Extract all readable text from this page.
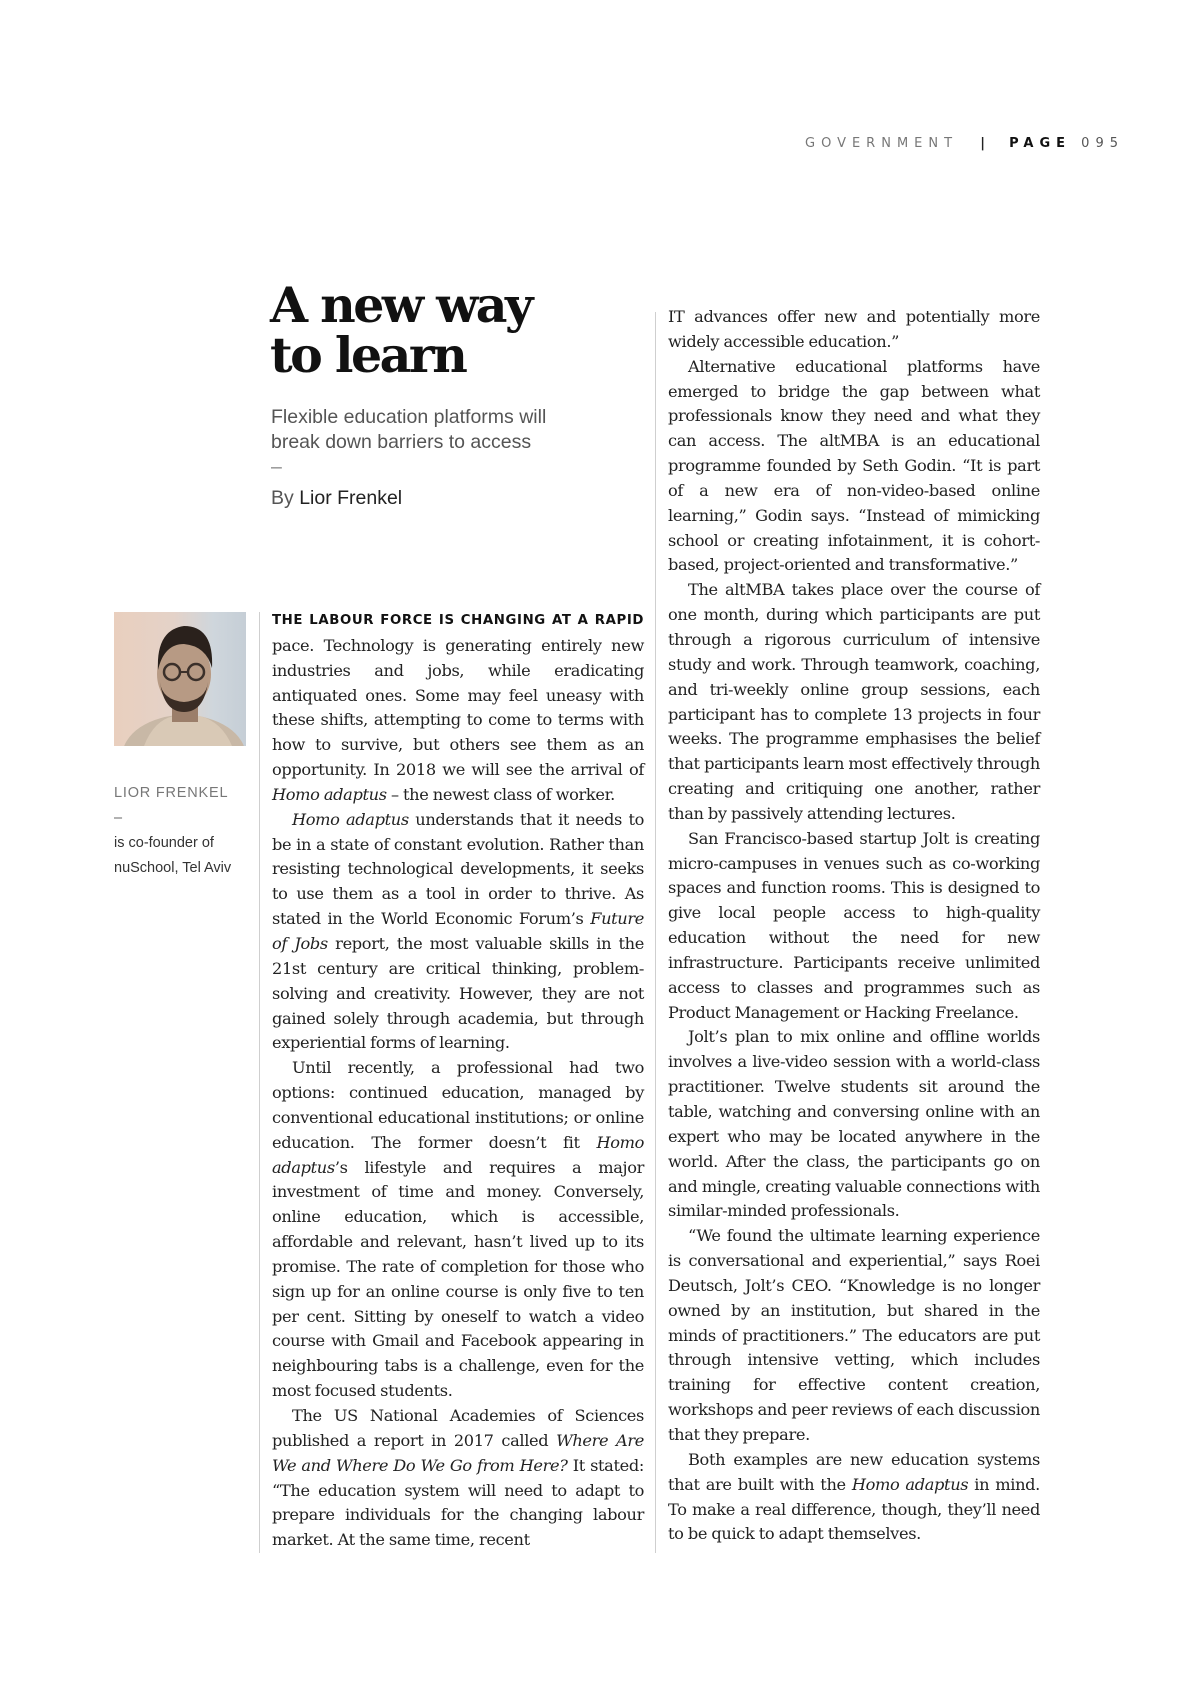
GOVERNMENT | PAGE 095
A new way
to learn
Flexible education platforms will
break down barriers to access
–
By Lior Frenkel
LIOR FRENKEL
–
is co-founder of
nuSchool, Tel Aviv

THE LABOUR FORCE IS CHANGING AT A RAPID pace. Technology is generating entirely new industries and jobs, while eradicating antiquated ones. Some may feel uneasy with these shifts, attempting to come to terms with how to survive, but others see them as an opportunity. In 2018 we will see the arrival of Homo adaptus – the newest class of worker.

Homo adaptus understands that it needs to be in a state of constant evolution. Rather than resisting technological developments, it seeks to use them as a tool in order to thrive. As stated in the World Economic Forum’s Future of Jobs report, the most valuable skills in the 21st century are critical thinking, problem-solving and creativity. However, they are not gained solely through academia, but through experiential forms of learning.

Until recently, a professional had two options: continued education, managed by conventional educational institutions; or online education. The former doesn’t fit Homo adaptus’s lifestyle and requires a major investment of time and money. Conversely, online education, which is accessible, affordable and relevant, hasn’t lived up to its promise. The rate of completion for those who sign up for an online course is only five to ten per cent. Sitting by oneself to watch a video course with Gmail and Facebook appearing in neighbouring tabs is a challenge, even for the most focused students.

The US National Academies of Sciences published a report in 2017 called Where Are We and Where Do We Go from Here? It stated: “The education system will need to adapt to prepare individuals for the changing labour market. At the same time, recent

IT advances offer new and potentially more widely accessible education.”

Alternative educational platforms have emerged to bridge the gap between what professionals know they need and what they can access. The altMBA is an educational programme founded by Seth Godin. “It is part of a new era of non-video-based online learning,” Godin says. “Instead of mimicking school or creating infotainment, it is cohort-based, project-oriented and transformative.”

The altMBA takes place over the course of one month, during which participants are put through a rigorous curriculum of intensive study and work. Through teamwork, coaching, and tri-weekly online group sessions, each participant has to complete 13 projects in four weeks. The programme emphasises the belief that participants learn most effectively through creating and critiquing one another, rather than by passively attending lectures.

San Francisco-based startup Jolt is creating micro-campuses in venues such as co-working spaces and function rooms. This is designed to give local people access to high-quality education without the need for new infrastructure. Participants receive unlimited access to classes and programmes such as Product Management or Hacking Freelance.

Jolt’s plan to mix online and offline worlds involves a live-video session with a world-class practitioner. Twelve students sit around the table, watching and conversing online with an expert who may be located anywhere in the world. After the class, the participants go on and mingle, creating valuable connections with similar-minded professionals.

“We found the ultimate learning experience is conversational and experiential,” says Roei Deutsch, Jolt’s CEO. “Knowledge is no longer owned by an institution, but shared in the minds of practitioners.” The educators are put through intensive vetting, which includes training for effective content creation, workshops and peer reviews of each discussion that they prepare.

Both examples are new education systems that are built with the Homo adaptus in mind. To make a real difference, though, they’ll need to be quick to adapt themselves.
